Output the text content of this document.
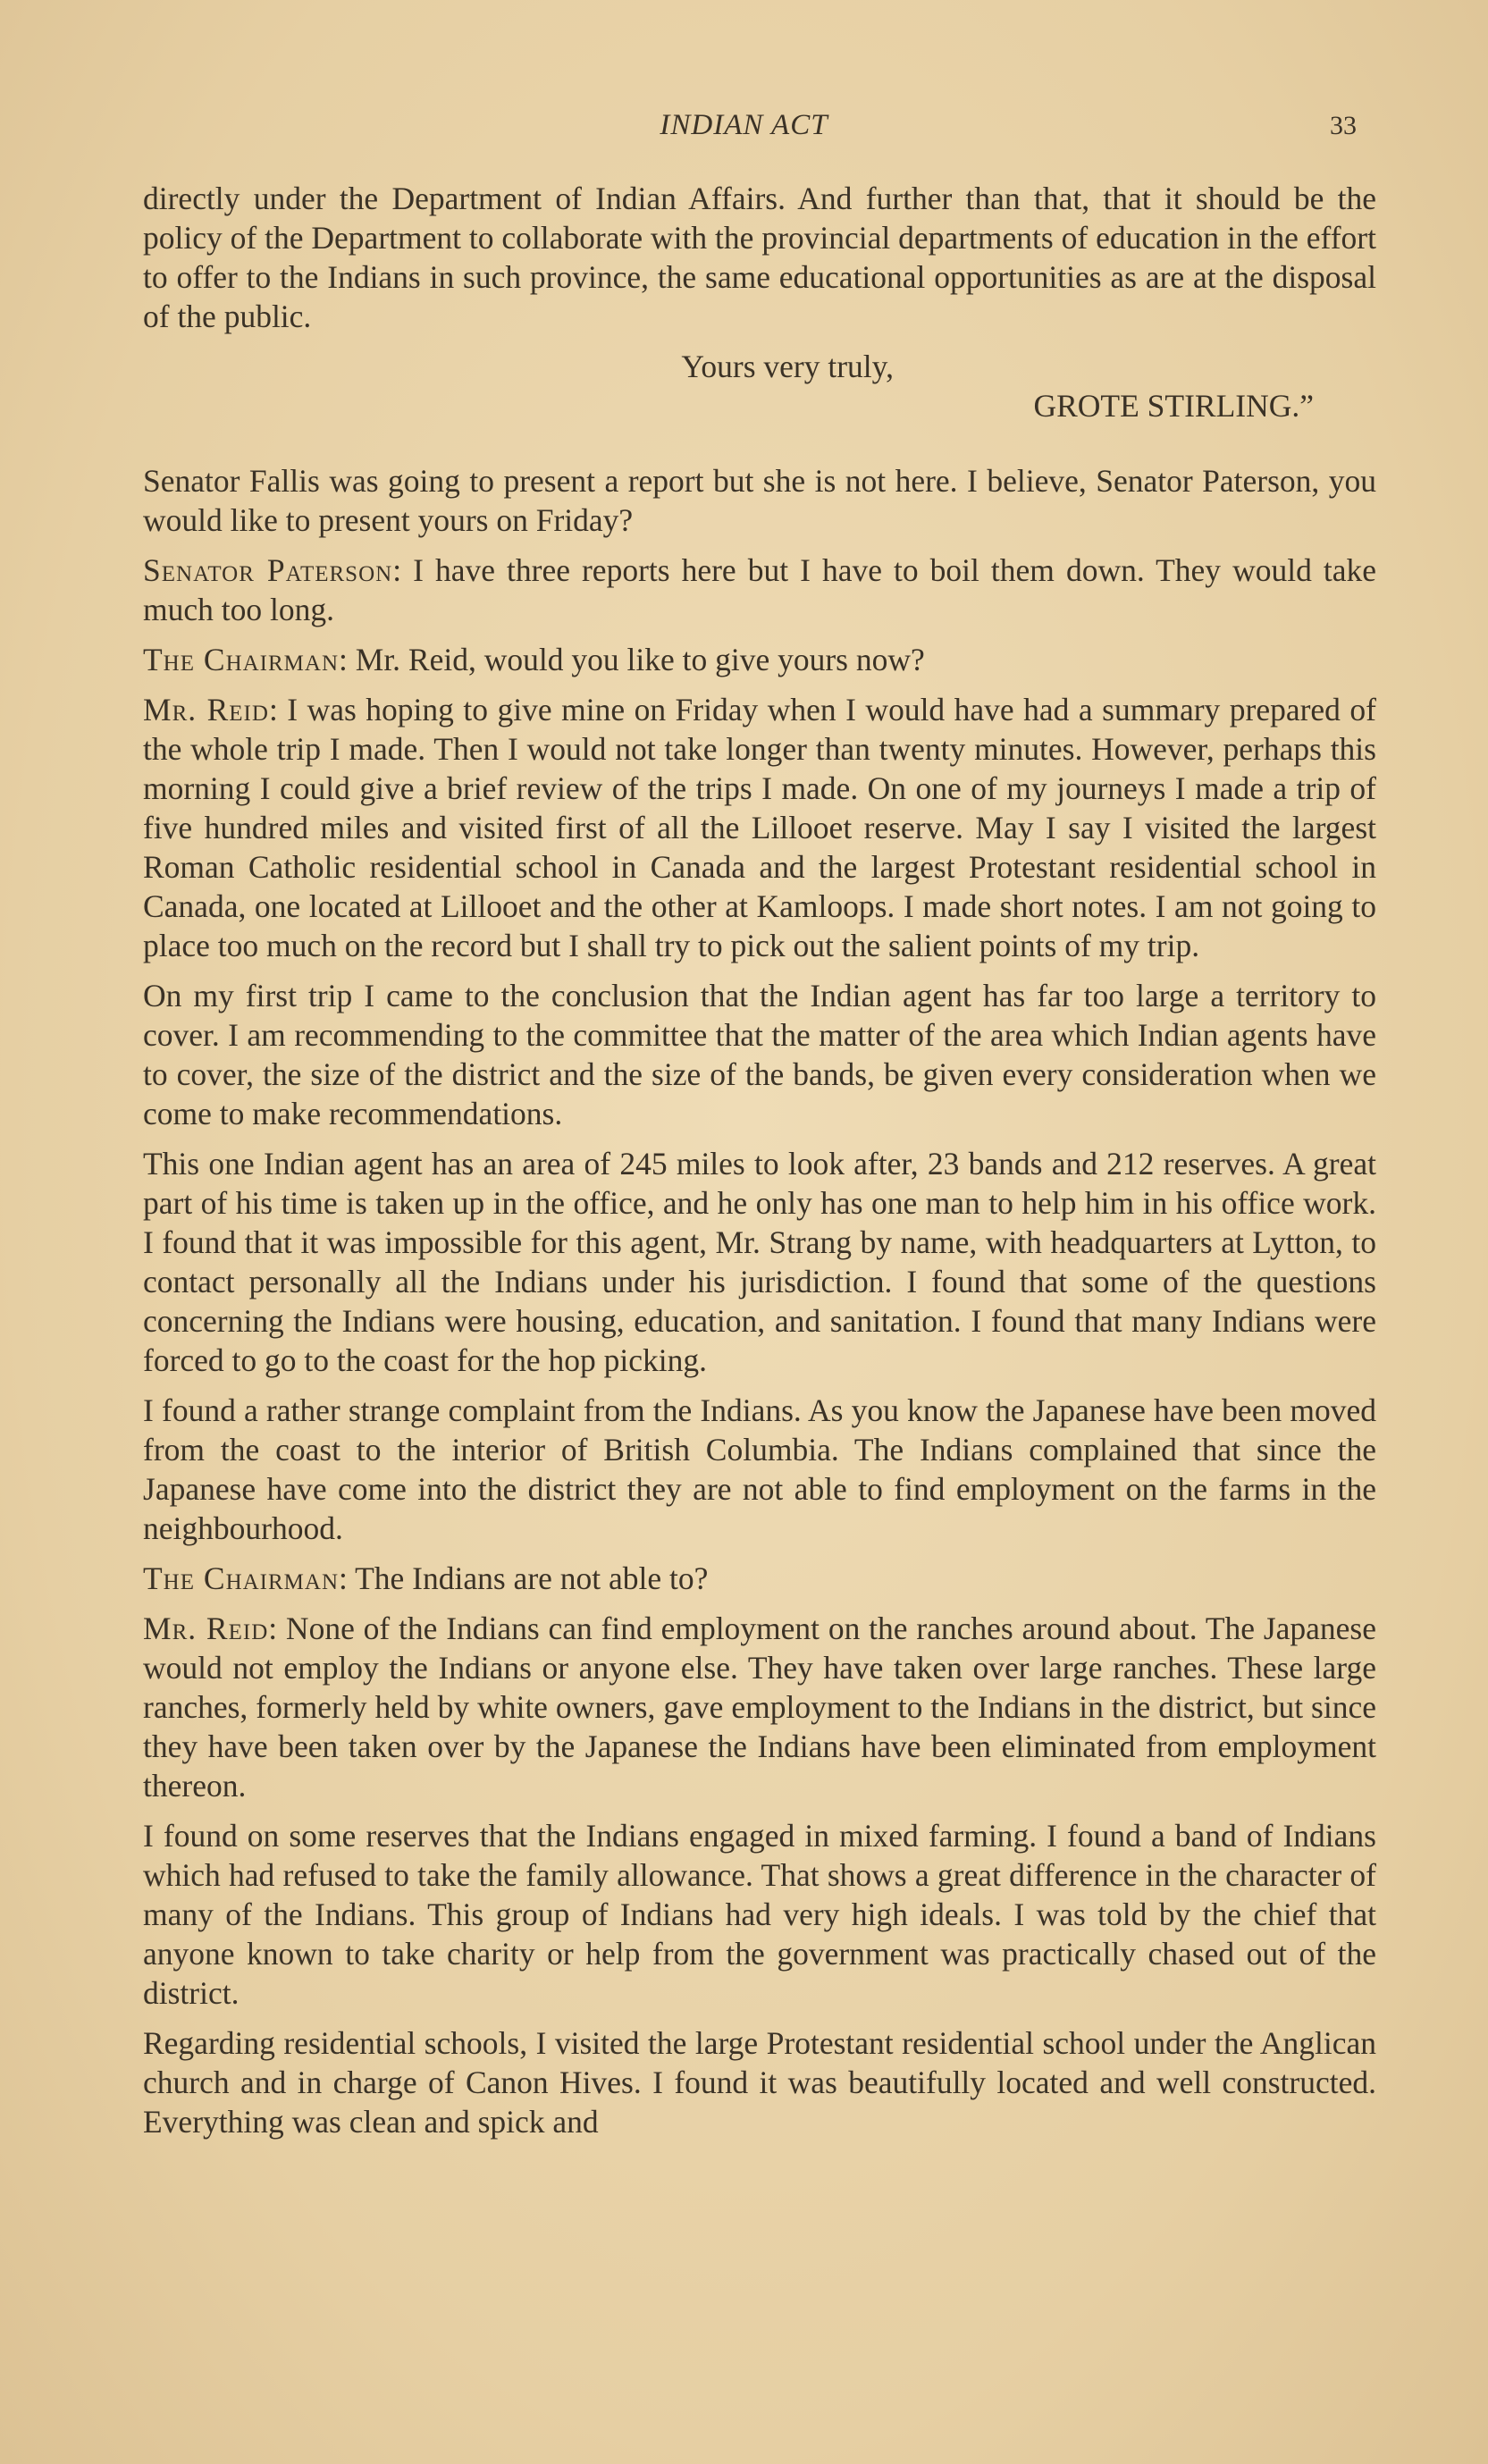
INDIAN ACT	33

directly under the Department of Indian Affairs. And further than that, that it should be the policy of the Department to collaborate with the provincial departments of education in the effort to offer to the Indians in such province, the same educational opportunities as are at the disposal of the public.

Yours very truly,

GROTE STIRLING.”

Senator Fallis was going to present a report but she is not here. I believe, Senator Paterson, you would like to present yours on Friday?

Senator Paterson: I have three reports here but I have to boil them down. They would take much too long.

The Chairman: Mr. Reid, would you like to give yours now?

Mr. Reid: I was hoping to give mine on Friday when I would have had a summary prepared of the whole trip I made. Then I would not take longer than twenty minutes. However, perhaps this morning I could give a brief review of the trips I made. On one of my journeys I made a trip of five hundred miles and visited first of all the Lillooet reserve. May I say I visited the largest Roman Catholic residential school in Canada and the largest Protestant residential school in Canada, one located at Lillooet and the other at Kamloops. I made short notes. I am not going to place too much on the record but I shall try to pick out the salient points of my trip.

On my first trip I came to the conclusion that the Indian agent has far too large a territory to cover. I am recommending to the committee that the matter of the area which Indian agents have to cover, the size of the district and the size of the bands, be given every consideration when we come to make recommendations.

This one Indian agent has an area of 245 miles to look after, 23 bands and 212 reserves. A great part of his time is taken up in the office, and he only has one man to help him in his office work. I found that it was impossible for this agent, Mr. Strang by name, with headquarters at Lytton, to contact personally all the Indians under his jurisdiction. I found that some of the questions concerning the Indians were housing, education, and sanitation. I found that many Indians were forced to go to the coast for the hop picking.

I found a rather strange complaint from the Indians. As you know the Japanese have been moved from the coast to the interior of British Columbia. The Indians complained that since the Japanese have come into the district they are not able to find employment on the farms in the neighbourhood.

The Chairman: The Indians are not able to?

Mr. Reid: None of the Indians can find employment on the ranches around about. The Japanese would not employ the Indians or anyone else. They have taken over large ranches. These large ranches, formerly held by white owners, gave employment to the Indians in the district, but since they have been taken over by the Japanese the Indians have been eliminated from employment thereon.

I found on some reserves that the Indians engaged in mixed farming. I found a band of Indians which had refused to take the family allowance. That shows a great difference in the character of many of the Indians. This group of Indians had very high ideals. I was told by the chief that anyone known to take charity or help from the government was practically chased out of the district.

Regarding residential schools, I visited the large Protestant residential school under the Anglican church and in charge of Canon Hives. I found it was beautifully located and well constructed. Everything was clean and spick and
